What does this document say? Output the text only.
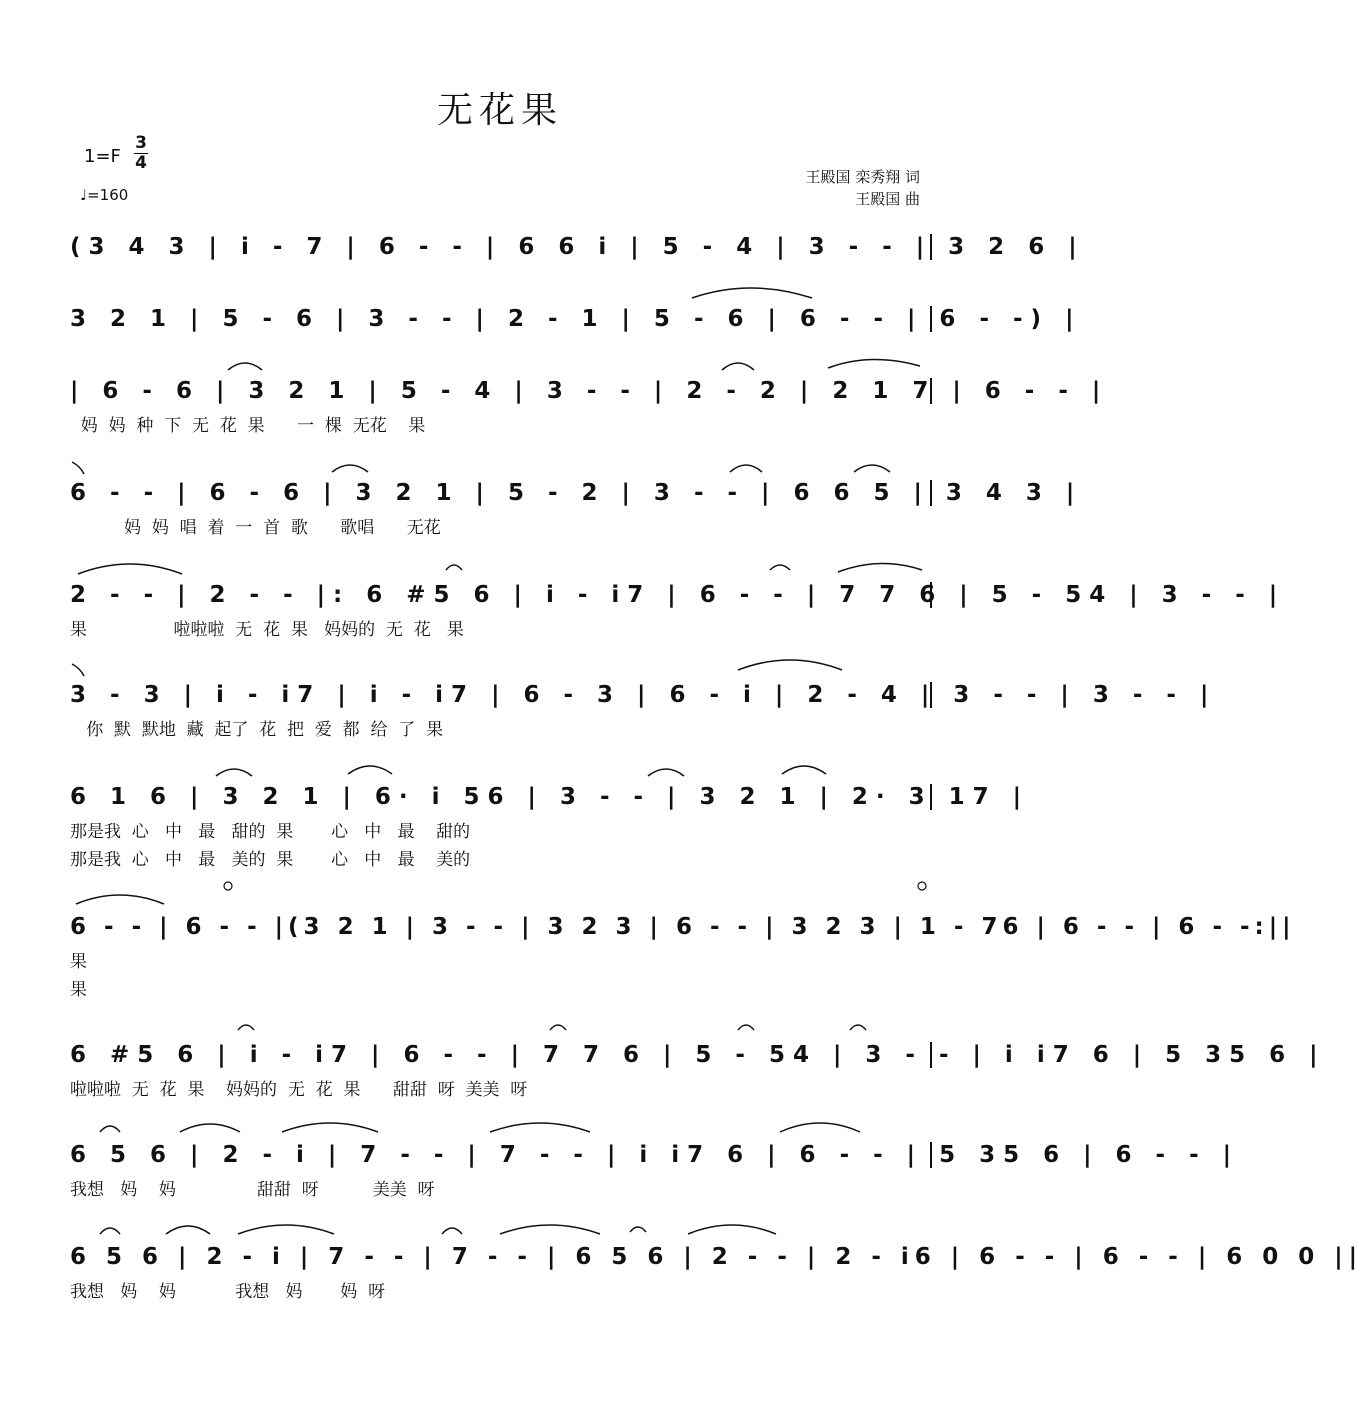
无花果
1=F
3
4
♩=160
王殿国 栾秀翔 词
王殿国 曲
(3 4 3 | i - 7 | 6 - - | 6 6 i | 5 - 4 | 3 - - | 3 2 6 |
3 2 1 | 5 - 6 | 3 - - | 2 - 1 | 5 - 6 | 6 - - | 6 - -) |
| 6 - 6 | 3 2 1 | 5 - 4 | 3 - - | 2 - 2 | 2 1 7 | 6 - - |
妈  妈  种  下  无  花  果      一  棵  无花    果
6 - - | 6 - 6 | 3 2 1 | 5 - 2 | 3 - - | 6 6 5 | 3 4 3 |
妈  妈  唱  着  一  首  歌      歌唱      无花
2 - - | 2 - - |: 6 #5 6 | i - i7 | 6 - - | 7 7 6 | 5 - 54 | 3 - - |
果                啦啦啦  无  花  果   妈妈的  无  花   果
3 - 3 | i - i7 | i - i7 | 6 - 3 | 6 - i | 2 - 4 | 3 - - | 3 - - |
你  默  默地  藏  起了  花  把  爱  都  给  了  果
6 1 6 | 3 2 1 | 6· i 56 | 3 - - | 3 2 1 | 2· 3 17 |
那是我  心   中   最   甜的  果       心   中   最    甜的
那是我  心   中   最   美的  果       心   中   最    美的
6 - - | 6 - - |(3 2 1 | 3 - - | 3 2 3 | 6 - - | 3 2 3 | 1 - 76 | 6 - - | 6 - -:||
果
果
6 #5 6 | i - i7 | 6 - - | 7 7 6 | 5 - 54 | 3 - - | i i7 6 | 5 35 6 |
啦啦啦  无  花  果    妈妈的  无  花  果      甜甜  呀  美美  呀
6 5 6 | 2 - i | 7 - - | 7 - - | i i7 6 | 6 - - | 5 35 6 | 6 - - |
我想   妈    妈               甜甜  呀          美美  呀
6 5 6 | 2 - i | 7 - - | 7 - - | 6 5 6 | 2 - - | 2 - i6 | 6 - - | 6 - - | 6 0 0 ||
我想   妈    妈           我想   妈       妈  呀
